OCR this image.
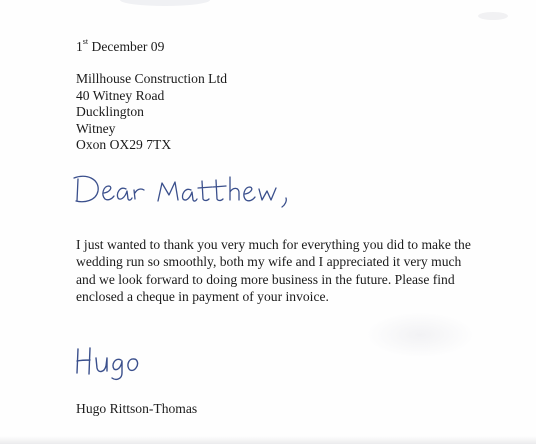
1st December 09
Millhouse Construction Ltd
40 Witney Road
Ducklington
Witney
Oxon OX29 7TX
I just wanted to thank you very much for everything you did to make the
wedding run so smoothly, both my wife and I appreciated it very much
and we look forward to doing more business in the future. Please find
enclosed a cheque in payment of your invoice.
Hugo Rittson-Thomas
